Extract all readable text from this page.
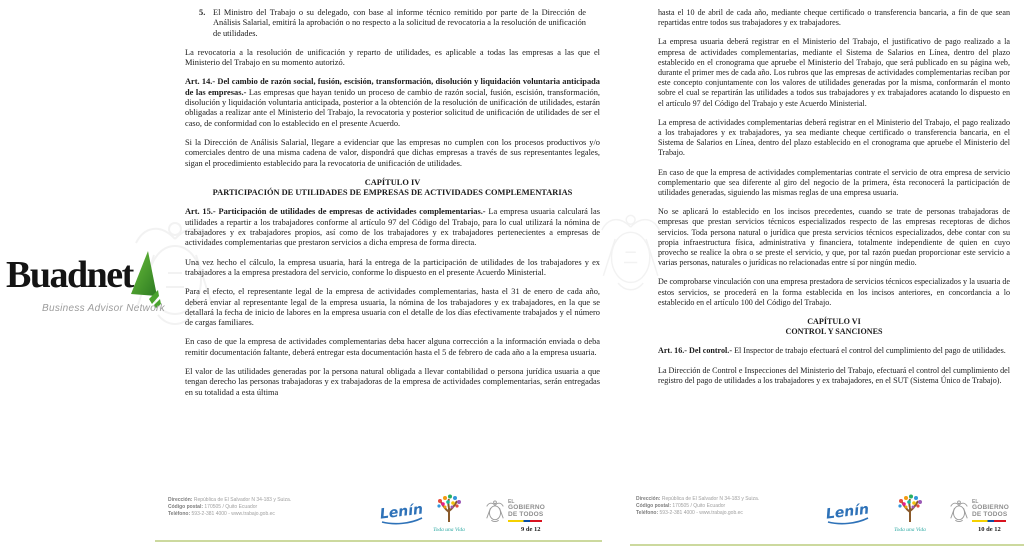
5. El Ministro del Trabajo o su delegado, con base al informe técnico remitido por parte de la Dirección de Análisis Salarial, emitirá la aprobación o no respecto a la solicitud de revocatoria a la resolución de unificación de utilidades.

La revocatoria a la resolución de unificación y reparto de utilidades, es aplicable a todas las empresas a las que el Ministerio del Trabajo en su momento autorizó.

Art. 14.- Del cambio de razón social, fusión, escisión, transformación, disolución y liquidación voluntaria anticipada de las empresas.- Las empresas que hayan tenido un proceso de cambio de razón social, fusión, escisión, transformación, disolución y liquidación voluntaria anticipada, posterior a la obtención de la resolución de unificación de utilidades, estarán obligadas a realizar ante el Ministerio del Trabajo, la revocatoria y posterior solicitud de unificación de utilidades de ser el caso, de conformidad con lo establecido en el presente Acuerdo.

Si la Dirección de Análisis Salarial, llegare a evidenciar que las empresas no cumplen con los procesos productivos y/o comerciales dentro de una misma cadena de valor, dispondrá que dichas empresas a través de sus representantes legales, sigan el procedimiento establecido para la revocatoria de unificación de utilidades.

CAPÍTULO IV
PARTICIPACIÓN DE UTILIDADES DE EMPRESAS DE ACTIVIDADES COMPLEMENTARIAS

Art. 15.- Participación de utilidades de empresas de actividades complementarias.- La empresa usuaria calculará las utilidades a repartir a los trabajadores conforme al artículo 97 del Código del Trabajo, para lo cual utilizará la nómina de trabajadores y ex trabajadores propios, así como de los trabajadores y ex trabajadores pertenecientes a empresas de actividades complementarias que prestaron servicios a dicha empresa de forma directa.

Una vez hecho el cálculo, la empresa usuaria, hará la entrega de la participación de utilidades de los trabajadores y ex trabajadores a la empresa prestadora del servicio, conforme lo dispuesto en el presente Acuerdo Ministerial.

Para el efecto, el representante legal de la empresa de actividades complementarias, hasta el 31 de enero de cada año, deberá enviar al representante legal de la empresa usuaria, la nómina de los trabajadores y ex trabajadores, en la que se detallará la fecha de inicio de labores en la empresa usuaria con el detalle de los días efectivamente trabajados y el número de cargas familiares.

En caso de que la empresa de actividades complementarias deba hacer alguna corrección a la información enviada o deba remitir documentación faltante, deberá entregar esta documentación hasta el 5 de febrero de cada año a la empresa usuaria.

El valor de las utilidades generadas por la persona natural obligada a llevar contabilidad o persona jurídica usuaria a que tengan derecho las personas trabajadoras y ex trabajadoras de la empresa de actividades complementarias, serán entregadas en su totalidad a esta última

hasta el 10 de abril de cada año, mediante cheque certificado o transferencia bancaria, a fin de que sean repartidas entre todos sus trabajadores y ex trabajadores.

La empresa usuaria deberá registrar en el Ministerio del Trabajo, el justificativo de pago realizado a la empresa de actividades complementarias, mediante el Sistema de Salarios en Línea, dentro del plazo establecido en el cronograma que apruebe el Ministerio del Trabajo, que será publicado en su página web, durante el primer mes de cada año. Los rubros que las empresas de actividades complementarias reciban por este concepto conjuntamente con los valores de utilidades generadas por la misma, conformarán el monto sobre el cual se repartirán las utilidades a todos sus trabajadores y ex trabajadores acatando lo dispuesto en el artículo 97 del Código del Trabajo y este Acuerdo Ministerial.

La empresa de actividades complementarias deberá registrar en el Ministerio del Trabajo, el pago realizado a los trabajadores y ex trabajadores, ya sea mediante cheque certificado o transferencia bancaria, en el Sistema de Salarios en Línea, dentro del plazo establecido en el cronograma que apruebe el Ministerio del Trabajo.

En caso de que la empresa de actividades complementarias contrate el servicio de otra empresa de servicio complementario que sea diferente al giro del negocio de la primera, ésta reconocerá la participación de utilidades generadas, siguiendo las mismas reglas de una empresa usuaria.

No se aplicará lo establecido en los incisos precedentes, cuando se trate de personas trabajadoras de empresas que prestan servicios técnicos especializados respecto de las empresas receptoras de dichos servicios. Toda persona natural o jurídica que presta servicios técnicos especializados, debe contar con su propia infraestructura física, administrativa y financiera, totalmente independiente de quien en cuyo provecho se realice la obra o se preste el servicio, y que, por tal razón puedan proporcionar este servicio a varias personas, naturales o jurídicas no relacionadas entre sí por ningún medio.

De comprobarse vinculación con una empresa prestadora de servicios técnicos especializados y la usuaria de estos servicios, se procederá en la forma establecida en los incisos anteriores, en concordancia a lo establecido en el artículo 100 del Código del Trabajo.

CAPÍTULO VI
CONTROL Y SANCIONES

Art. 16.- Del control.- El Inspector de trabajo efectuará el control del cumplimiento del pago de utilidades.

La Dirección de Control e Inspecciones del Ministerio del Trabajo, efectuará el control del cumplimiento del registro del pago de utilidades a los trabajadores y ex trabajadores, en el SUT (Sistema Único de Trabajo).

Buadnet
Business Advisor Network
Dirección: República de El Salvador N 34-183 y Suiza.
Código postal: 170505 / Quito Ecuador
Teléfono: 593-2-381 4000 - www.trabajo.gob.ec	Lenín
Toda una Vida
EL
GOBIERNO
DE TODOS
9 de 12
Dirección: República de El Salvador N 34-183 y Suiza.
Código postal: 170505 / Quito Ecuador
Teléfono: 593-2-381 4000 - www.trabajo.gob.ec	Lenín
Toda una Vida
EL
GOBIERNO
DE TODOS
10 de 12
